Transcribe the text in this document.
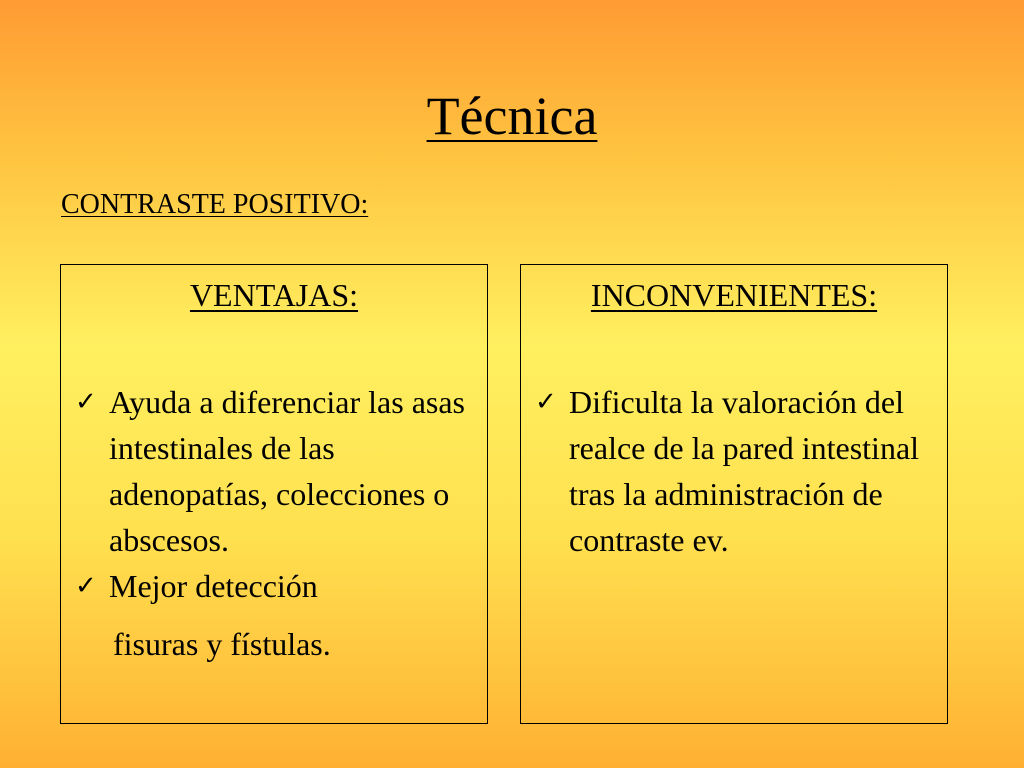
Técnica
CONTRASTE POSITIVO:
VENTAJAS:
✓ Ayuda a diferenciar las asas intestinales de las adenopatías, colecciones o abscesos.
✓ Mejor detección
fisuras y fístulas.
INCONVENIENTES:
✓ Dificulta la valoración del realce de la pared intestinal tras la administración de contraste ev.
